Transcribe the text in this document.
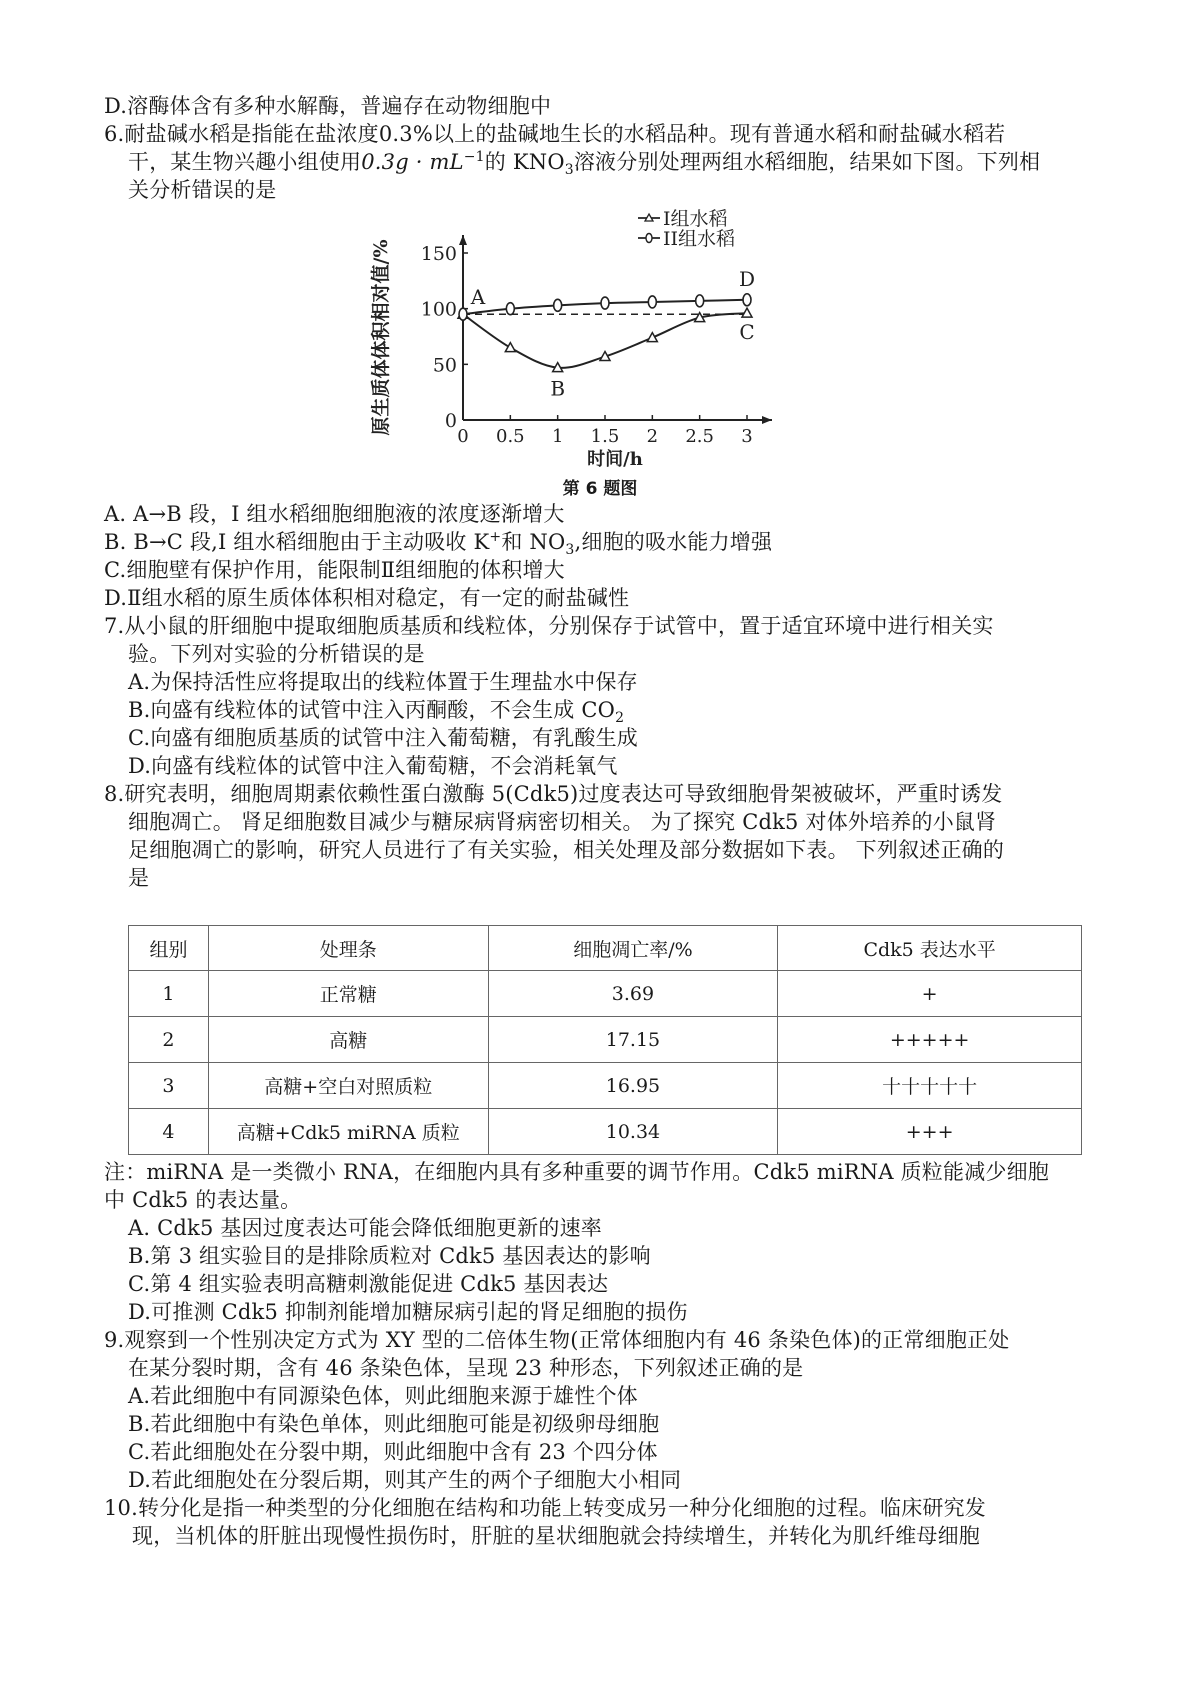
D.溶酶体含有多种水解酶，普遍存在动物细胞中
6.耐盐碱水稻是指能在盐浓度0.3%以上的盐碱地生长的水稻品种。现有普通水稻和耐盐碱水稻若
干，某生物兴趣小组使用$0.3g \cdot mL^{-1}$的 $KNO_3$溶液分别处理两组水稻细胞，结果如下图。下列相
关分析错误的是
0
50
100
150
0 0.5 1 1.5 2 2.5 3
时间/h
原生质体体积相对值/%	A
B
C
D
I组水稻
II组水稻
第 6 题图
A. A→B 段，I 组水稻细胞细胞液的浓度逐渐增大
B. B→C 段,I 组水稻细胞由于主动吸收 K+和 $NO_3$,细胞的吸水能力增强
C.细胞壁有保护作用，能限制Ⅱ组细胞的体积增大
D.Ⅱ组水稻的原生质体体积相对稳定，有一定的耐盐碱性
7.从小鼠的肝细胞中提取细胞质基质和线粒体，分别保存于试管中，置于适宜环境中进行相关实
验。下列对实验的分析错误的是
A.为保持活性应将提取出的线粒体置于生理盐水中保存
B.向盛有线粒体的试管中注入丙酮酸，不会生成 $CO_2$
C.向盛有细胞质基质的试管中注入葡萄糖，有乳酸生成
D.向盛有线粒体的试管中注入葡萄糖，不会消耗氧气
8.研究表明，细胞周期素依赖性蛋白激酶 5(Cdk5)过度表达可导致细胞骨架被破坏，严重时诱发
细胞凋亡。 肾足细胞数目减少与糖尿病肾病密切相关。 为了探究 Cdk5 对体外培养的小鼠肾
足细胞凋亡的影响，研究人员进行了有关实验，相关处理及部分数据如下表。 下列叙述正确的
是
组别	处理条	细胞凋亡率/%	Cdk5 表达水平
1	正常糖	3.69	+
2	高糖	17.15	+++++
3	高糖+空白对照质粒	16.95	十十十十十
4	高糖+Cdk5 miRNA 质粒	10.34	+++
注：miRNA 是一类微小 RNA，在细胞内具有多种重要的调节作用。Cdk5 miRNA 质粒能减少细胞
中 Cdk5 的表达量。
A. Cdk5 基因过度表达可能会降低细胞更新的速率
B.第 3 组实验目的是排除质粒对 Cdk5 基因表达的影响
C.第 4 组实验表明高糖刺激能促进 Cdk5 基因表达
D.可推测 Cdk5 抑制剂能增加糖尿病引起的肾足细胞的损伤
9.观察到一个性别决定方式为 XY 型的二倍体生物(正常体细胞内有 46 条染色体)的正常细胞正处
在某分裂时期，含有 46 条染色体，呈现 23 种形态，下列叙述正确的是
A.若此细胞中有同源染色体，则此细胞来源于雄性个体
B.若此细胞中有染色单体，则此细胞可能是初级卵母细胞
C.若此细胞处在分裂中期，则此细胞中含有 23 个四分体
D.若此细胞处在分裂后期，则其产生的两个子细胞大小相同
10.转分化是指一种类型的分化细胞在结构和功能上转变成另一种分化细胞的过程。临床研究发
现，当机体的肝脏出现慢性损伤时，肝脏的星状细胞就会持续增生，并转化为肌纤维母细胞
